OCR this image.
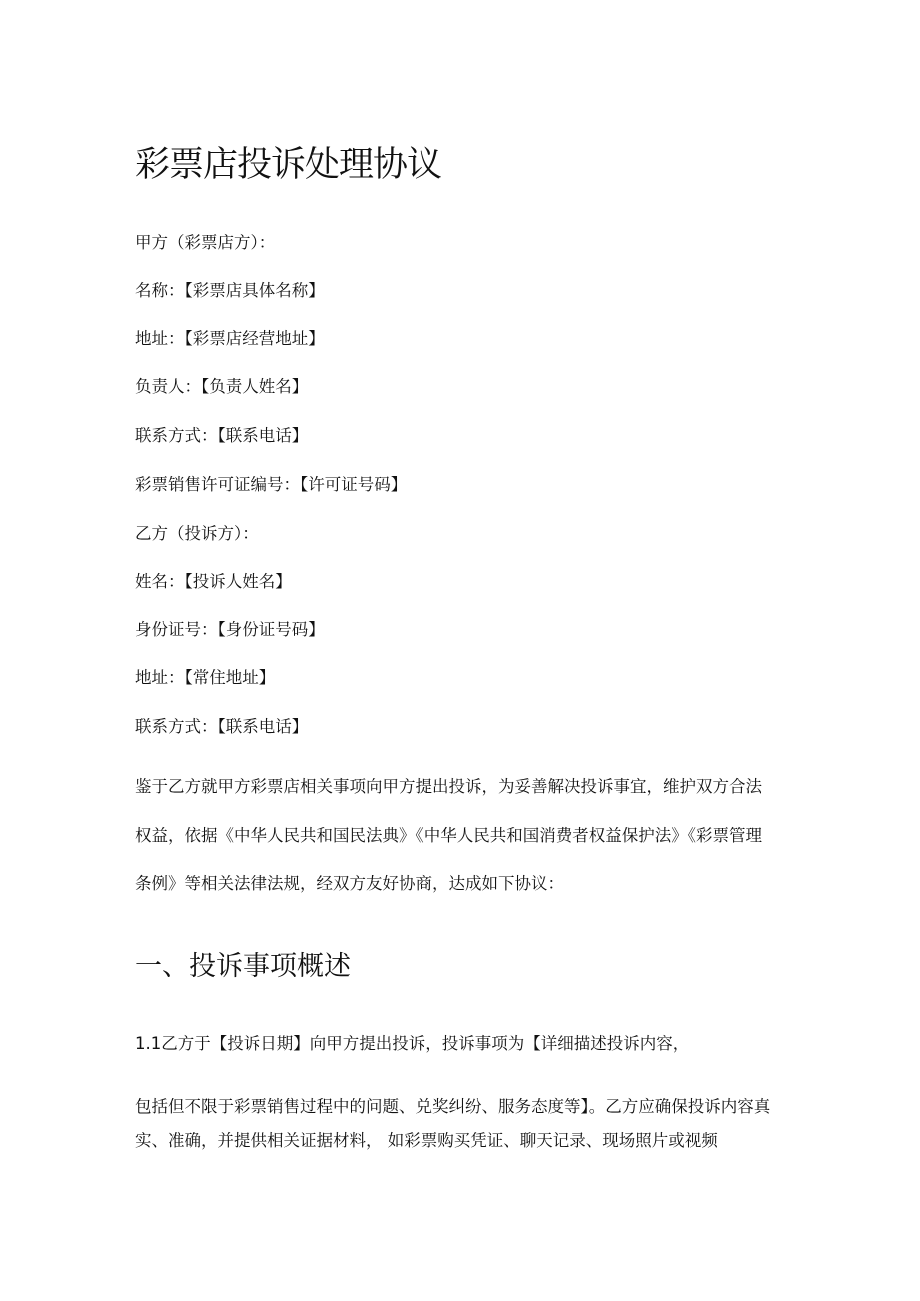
彩票店投诉处理协议

甲方（彩票店方）：

名称：【彩票店具体名称】

地址：【彩票店经营地址】

负责人：【负责人姓名】

联系方式：【联系电话】

彩票销售许可证编号：【许可证号码】

乙方（投诉方）：

姓名：【投诉人姓名】

身份证号：【身份证号码】

地址：【常住地址】

联系方式：【联系电话】

鉴于乙方就甲方彩票店相关事项向甲方提出投诉，为妥善解决投诉事宜，维护双方合法权益，依据《中华人民共和国民法典》《中华人民共和国消费者权益保护法》《彩票管理条例》等相关法律法规，经双方友好协商，达成如下协议：

一、投诉事项概述

1.1乙方于【投诉日期】向甲方提出投诉，投诉事项为【详细描述投诉内容，

包括但不限于彩票销售过程中的问题、兑奖纠纷、服务态度等】。乙方应确保投诉内容真实、准确，并提供相关证据材料， 如彩票购买凭证、聊天记录、现场照片或视频
